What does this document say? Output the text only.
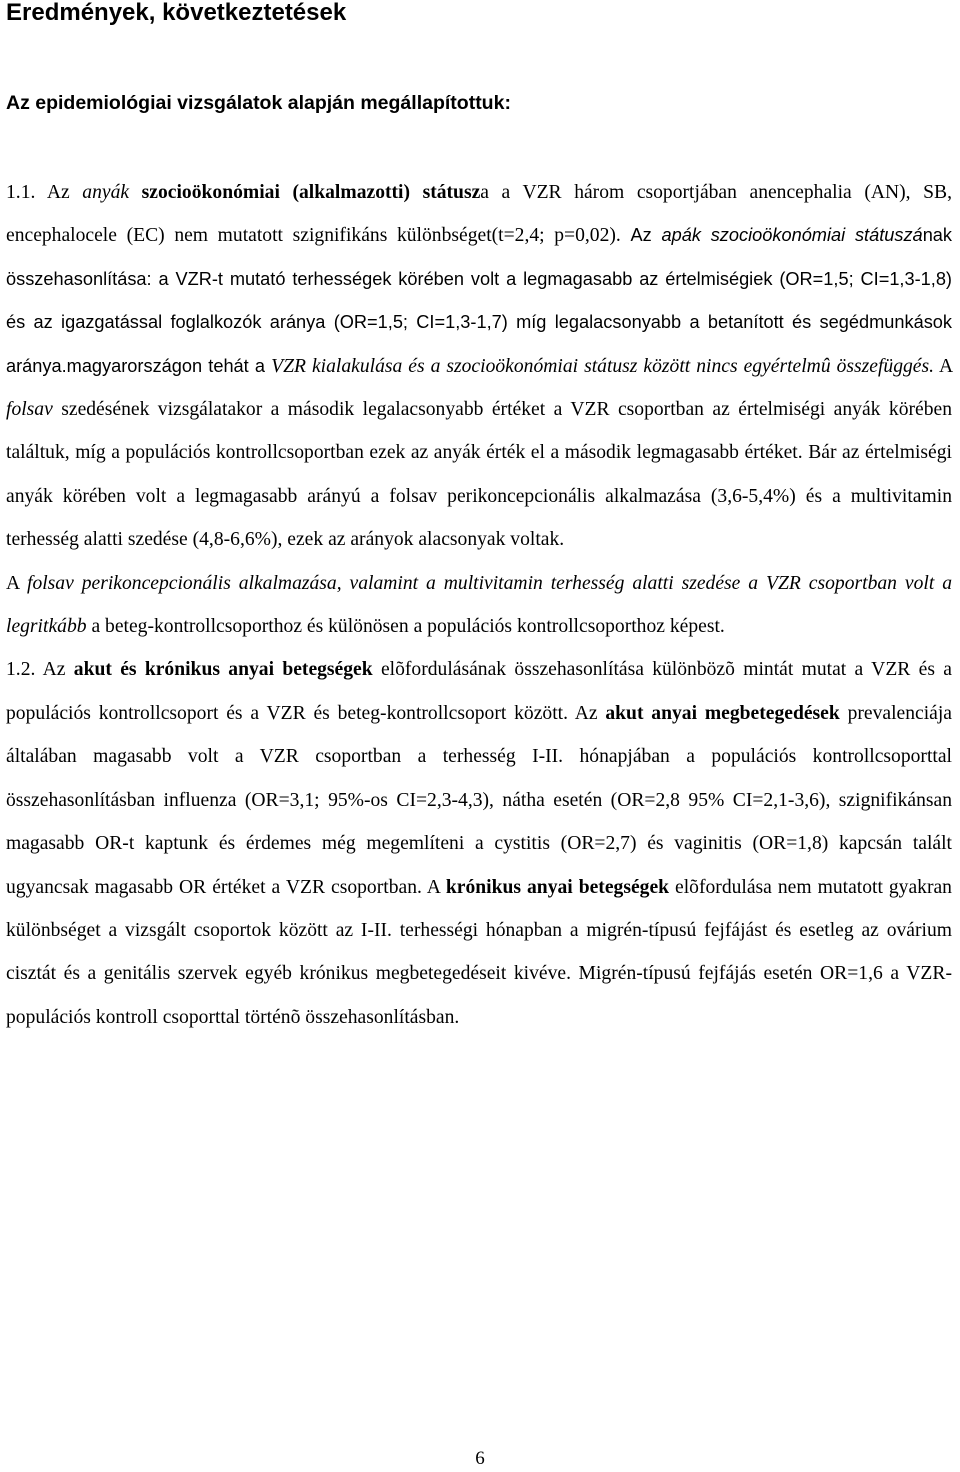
Eredmények, következtetések
Az epidemiológiai vizsgálatok alapján megállapítottuk:

1.1. Az anyák szocioökonómiai (alkalmazotti) státusza a VZR három csoportjában anencephalia (AN), SB, encephalocele (EC) nem mutatott szignifikáns különbséget(t=2,4; p=0,02). Az apák szocioökonómiai státuszának összehasonlítása: a VZR-t mutató terhességek körében volt a legmagasabb az értelmiségiek (OR=1,5; CI=1,3-1,8) és az igazgatással foglalkozók aránya (OR=1,5; CI=1,3-1,7) míg legalacsonyabb a betanított és segédmunkások aránya.magyarországon tehát a VZR kialakulása és a szocioökonómiai státusz között nincs egyértelmû összefüggés. A folsav szedésének vizsgálatakor a második legalacsonyabb értéket a VZR csoportban az értelmiségi anyák körében találtuk, míg a populációs kontrollcsoportban ezek az anyák érték el a második legmagasabb értéket. Bár az értelmiségi anyák körében volt a legmagasabb arányú a folsav perikoncepcionális alkalmazása (3,6-5,4%) és a multivitamin terhesség alatti szedése (4,8-6,6%), ezek az arányok alacsonyak voltak.

A folsav perikoncepcionális alkalmazása, valamint a multivitamin terhesség alatti szedése a VZR csoportban volt a legritkább a beteg-kontrollcsoporthoz és különösen a populációs kontrollcsoporthoz képest.

1.2. Az akut és krónikus anyai betegségek elõfordulásának összehasonlítása különbözõ mintát mutat a VZR és a populációs kontrollcsoport és a VZR és beteg-kontrollcsoport között. Az akut anyai megbetegedések prevalenciája általában magasabb volt a VZR csoportban a terhesség I-II. hónapjában a populációs kontrollcsoporttal összehasonlításban influenza (OR=3,1; 95%-os CI=2,3-4,3), nátha esetén (OR=2,8 95% CI=2,1-3,6), szignifikánsan magasabb OR-t kaptunk és érdemes még megemlíteni a cystitis (OR=2,7) és vaginitis (OR=1,8) kapcsán talált ugyancsak magasabb OR értéket a VZR csoportban. A krónikus anyai betegségek elõfordulása nem mutatott gyakran különbséget a vizsgált csoportok között az I-II. terhességi hónapban a migrén-típusú fejfájást és esetleg az ovárium cisztát és a genitális szervek egyéb krónikus megbetegedéseit kivéve. Migrén-típusú fejfájás esetén OR=1,6 a VZR-populációs kontroll csoporttal történõ összehasonlításban.

6
